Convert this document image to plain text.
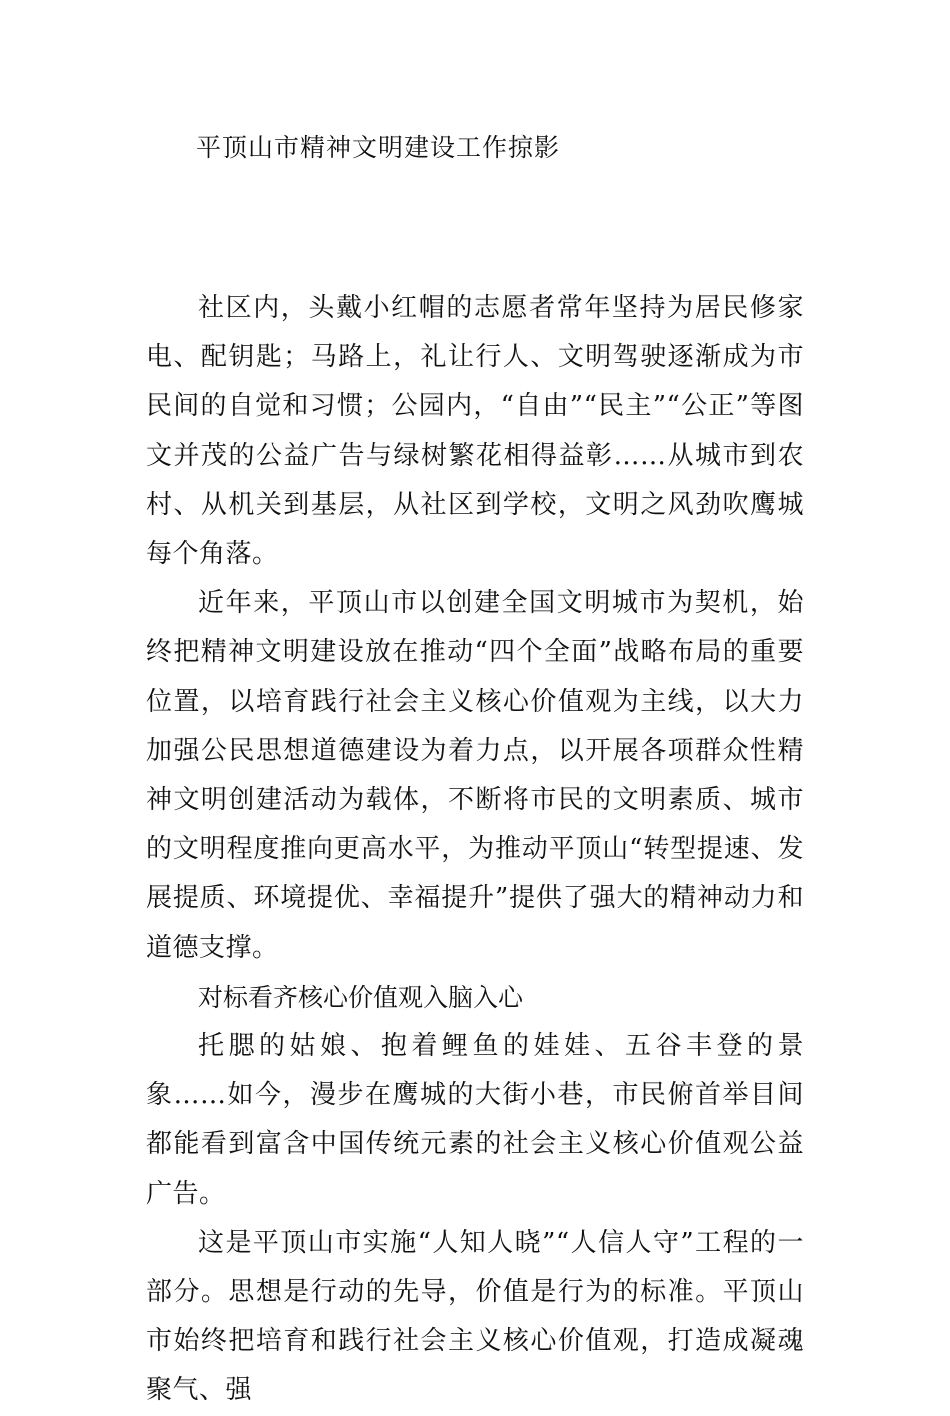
平顶山市精神文明建设工作掠影

社区内，头戴小红帽的志愿者常年坚持为居民修家电、配钥匙；马路上，礼让行人、文明驾驶逐渐成为市民间的自觉和习惯；公园内，“自由”“民主”“公正”等图文并茂的公益广告与绿树繁花相得益彰……从城市到农村、从机关到基层，从社区到学校，文明之风劲吹鹰城每个角落。

近年来，平顶山市以创建全国文明城市为契机，始终把精神文明建设放在推动“四个全面”战略布局的重要位置，以培育践行社会主义核心价值观为主线，以大力加强公民思想道德建设为着力点，以开展各项群众性精神文明创建活动为载体，不断将市民的文明素质、城市的文明程度推向更高水平，为推动平顶山“转型提速、发展提质、环境提优、幸福提升”提供了强大的精神动力和道德支撑。

对标看齐核心价值观入脑入心

托腮的姑娘、抱着鲤鱼的娃娃、五谷丰登的景象……如今，漫步在鹰城的大街小巷，市民俯首举目间都能看到富含中国传统元素的社会主义核心价值观公益广告。

这是平顶山市实施“人知人晓”“人信人守”工程的一部分。思想是行动的先导，价值是行为的标准。平顶山市始终把培育和践行社会主义核心价值观，打造成凝魂聚气、强
